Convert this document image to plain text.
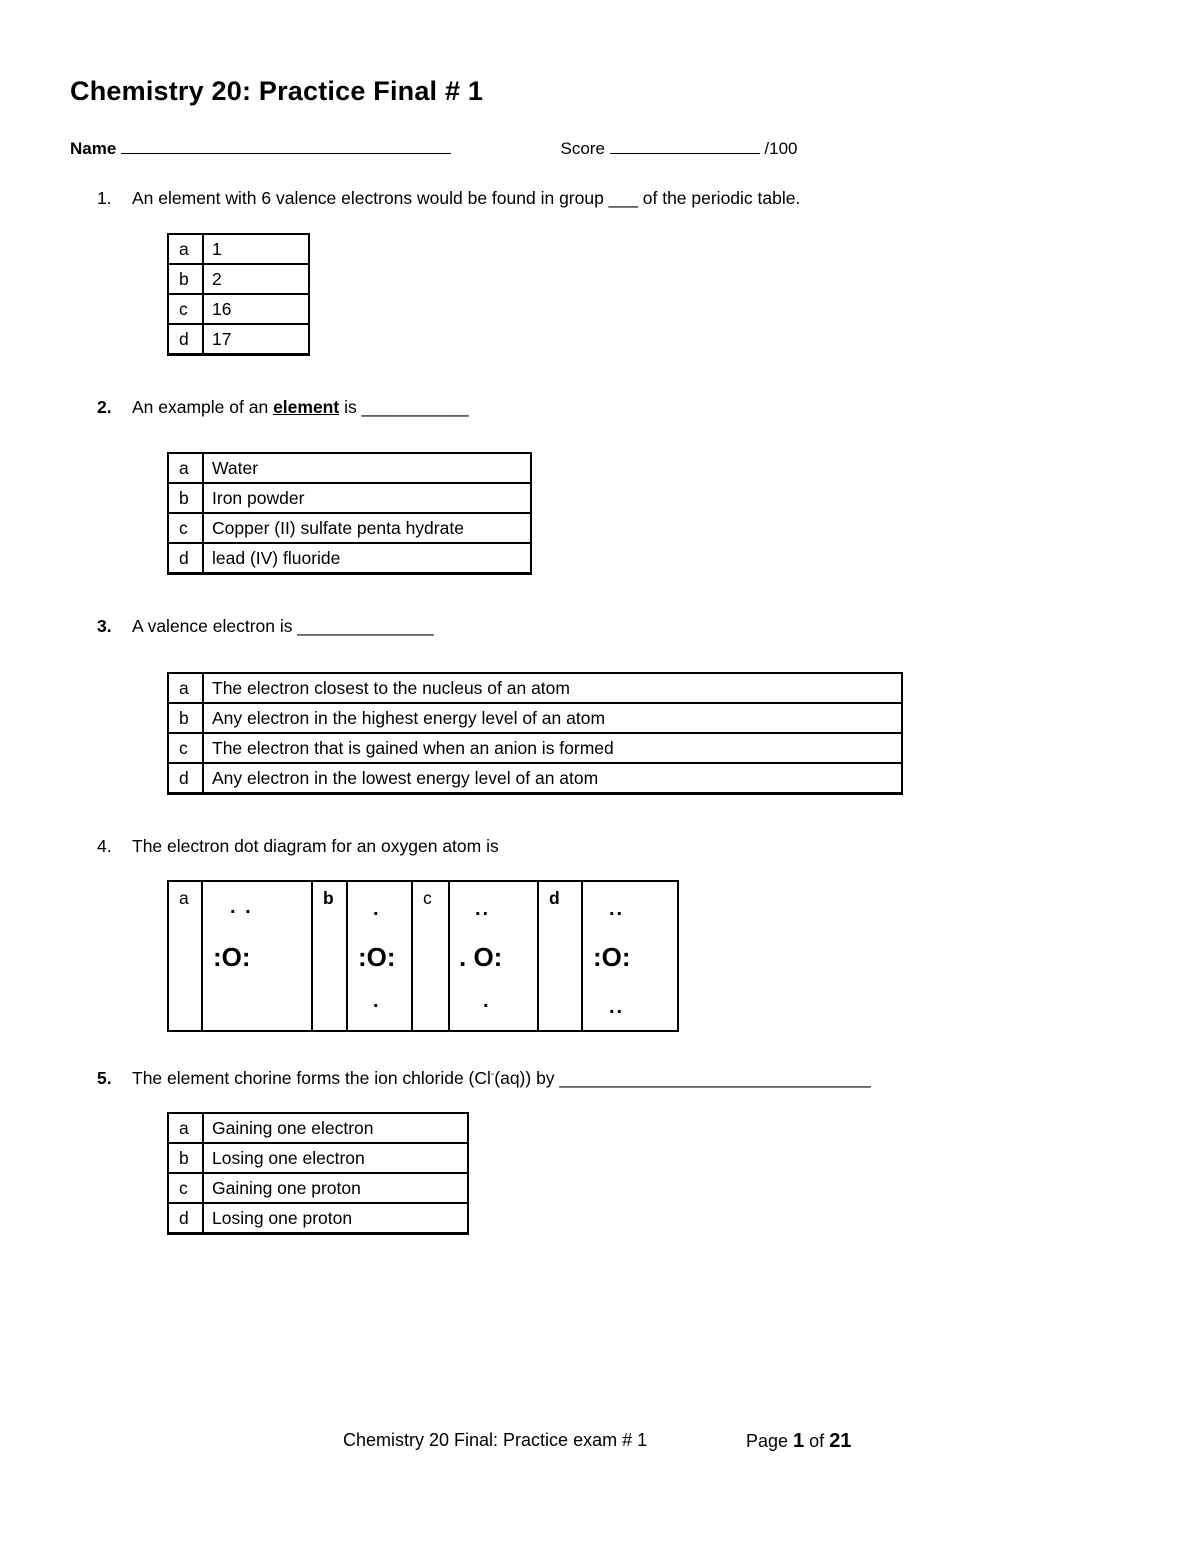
Chemistry 20: Practice Final # 1
Name	Score	/100
1. An element with 6 valence electrons would be found in group ___ of the periodic table.
a	1
b	2
c	16
d	17
2. An example of an element is ___________
a	Water
b	Iron powder
c	Copper (II) sulfate penta hydrate
d	lead (IV) fluoride
3. A valence electron is ______________
a	The electron closest to the nucleus of an atom
b	Any electron in the highest energy level of an atom
c	The electron that is gained when an anion is formed
d	Any electron in the lowest energy level of an atom
4. The electron dot diagram for an oxygen atom is
a	. .
:O:

b	.
:O:
.

c	..
. O:
.

d	..
:O:
..
5. The element chorine forms the ion chloride (Cl-(aq)) by ________________________________
a	Gaining one electron
b	Losing one electron
c	Gaining one proton
d	Losing one proton
Chemistry 20 Final: Practice exam # 1	Page 1 of 21
